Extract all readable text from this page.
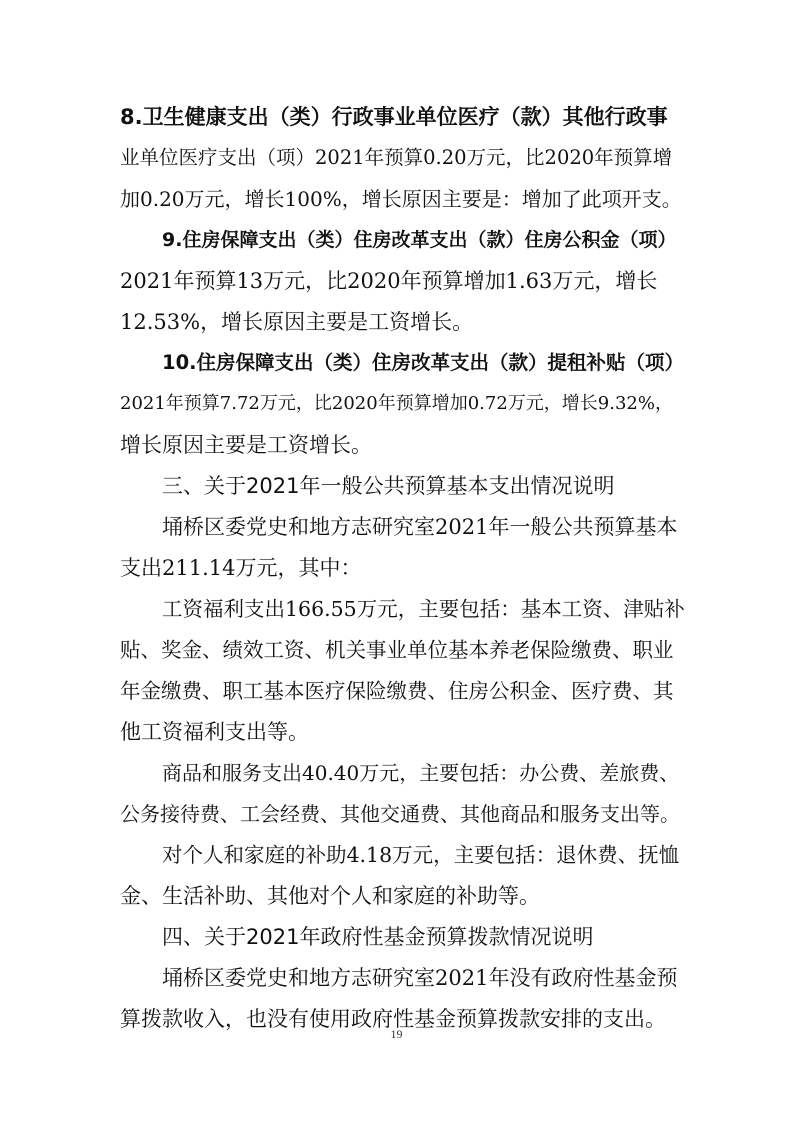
8.卫生健康支出（类）行政事业单位医疗（款）其他行政事
业单位医疗支出（项）2021年预算0.20万元，比2020年预算增
加0.20万元，增长100%，增长原因主要是：增加了此项开支。
9.住房保障支出（类）住房改革支出（款）住房公积金（项）
2021年预算13万元，比2020年预算增加1.63万元，增长
12.53%，增长原因主要是工资增长。
10.住房保障支出（类）住房改革支出（款）提租补贴（项）
2021年预算7.72万元，比2020年预算增加0.72万元，增长9.32%，
增长原因主要是工资增长。
三、关于2021年一般公共预算基本支出情况说明
埇桥区委党史和地方志研究室2021年一般公共预算基本
支出211.14万元，其中：
工资福利支出166.55万元，主要包括：基本工资、津贴补
贴、奖金、绩效工资、机关事业单位基本养老保险缴费、职业
年金缴费、职工基本医疗保险缴费、住房公积金、医疗费、其
他工资福利支出等。
商品和服务支出40.40万元，主要包括：办公费、差旅费、
公务接待费、工会经费、其他交通费、其他商品和服务支出等。
对个人和家庭的补助4.18万元，主要包括：退休费、抚恤
金、生活补助、其他对个人和家庭的补助等。
四、关于2021年政府性基金预算拨款情况说明
埇桥区委党史和地方志研究室2021年没有政府性基金预
算拨款收入，也没有使用政府性基金预算拨款安排的支出。
19
